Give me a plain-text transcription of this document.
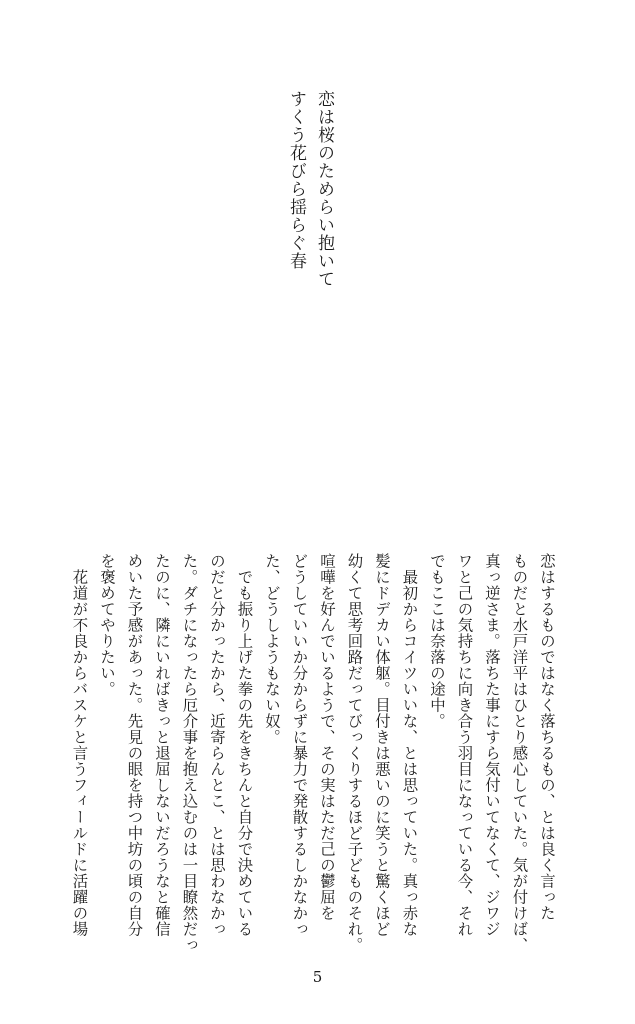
恋は桜のためらい抱いて
すくう花びら揺らぐ春
恋はするものではなく落ちるもの、とは良く言った
ものだと水戸洋平はひとり感心していた。気が付けば、
真っ逆さま。落ちた事にすら気付いてなくて、ジワジ
ワと己の気持ちに向き合う羽目になっている今、それ
でもここは奈落の途中。
　最初からコイツいいな、とは思っていた。真っ赤な
髪にドデカい体躯。目付きは悪いのに笑うと驚くほど
幼くて思考回路だってびっくりするほど子どものそれ。
喧嘩を好んでいるようで、その実はただ己の鬱屈を
どうしていいか分からずに暴力で発散するしかなかっ
た、どうしようもない奴。
　でも振り上げた拳の先をきちんと自分で決めている
のだと分かったから、近寄らんとこ、とは思わなかっ
た。ダチになったら厄介事を抱え込むのは一目瞭然だっ
たのに、隣にいればきっと退屈しないだろうなと確信
めいた予感があった。先見の眼を持つ中坊の頃の自分
を褒めてやりたい。
　花道が不良からバスケと言うフィールドに活躍の場
5
